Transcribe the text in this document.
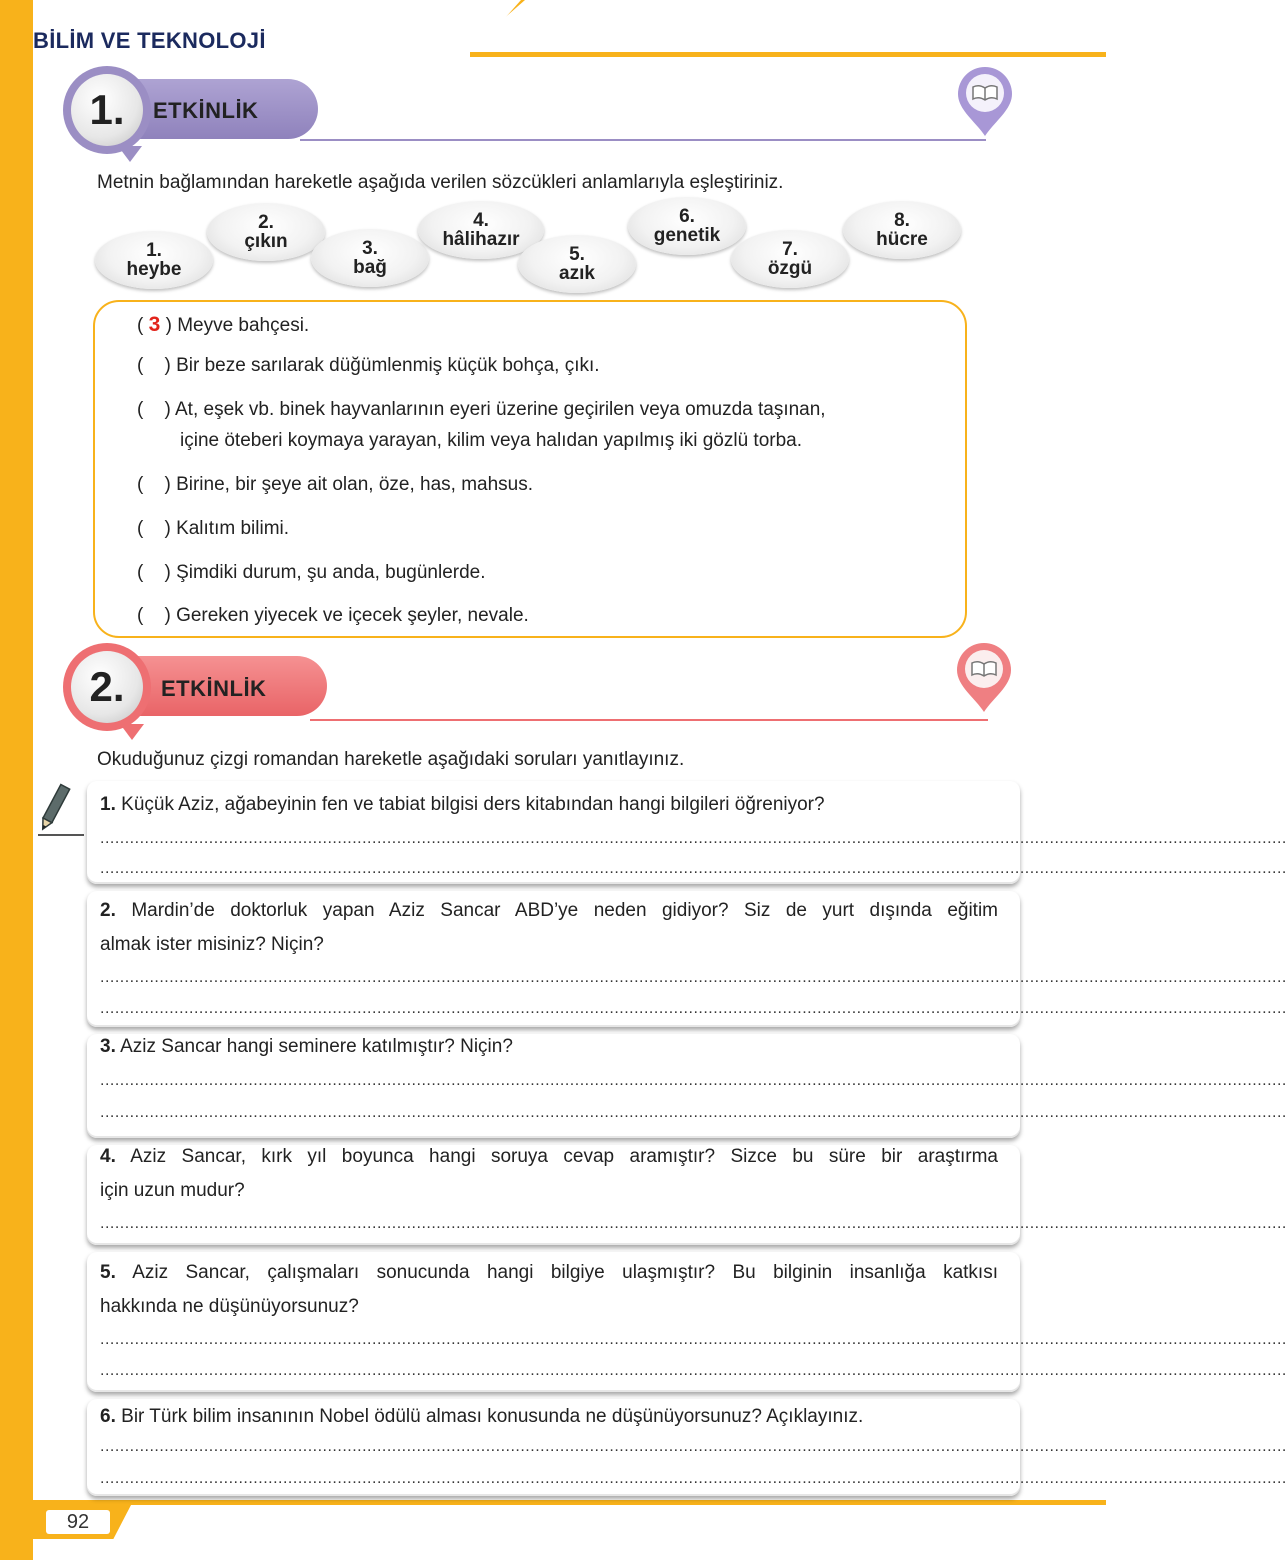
BİLİM VE TEKNOLOJİ
92
1.	ETKİNLİK
Metnin bağlamından hareketle aşağıda verilen sözcükleri anlamlarıyla eşleştiriniz.
1.
heybe
2.
çıkın	3.
bağ
4.
hâlihazır
5.
azık
6.
genetik
7.
özgü
8.
hücre
( 3 ) Meyve bahçesi.
(    ) Bir beze sarılarak düğümlenmiş küçük bohça, çıkı.
(    ) At, eşek vb. binek hayvanlarının eyeri üzerine geçirilen veya omuzda taşınan,
içine öteberi koymaya yarayan, kilim veya halıdan yapılmış iki gözlü torba.
(    ) Birine, bir şeye ait olan, öze, has, mahsus.
(    ) Kalıtım bilimi.
(    ) Şimdiki durum, şu anda, bugünlerde.
(    ) Gereken yiyecek ve içecek şeyler, nevale.
2.	ETKİNLİK
Okuduğunuz çizgi romandan hareketle aşağıdaki soruları yanıtlayınız.
1. Küçük Aziz, ağabeyinin fen ve tabiat bilgisi ders kitabından hangi bilgileri öğreniyor?
................................................................................................................................................................................................................................................
................................................................................................................................................................................................................................................
2. Mardin’de doktorluk yapan Aziz Sancar ABD’ye neden gidiyor? Siz de yurt dışında eğitim
almak ister misiniz? Niçin?
................................................................................................................................................................................................................................................
................................................................................................................................................................................................................................................
3. Aziz Sancar hangi seminere katılmıştır? Niçin?
................................................................................................................................................................................................................................................
................................................................................................................................................................................................................................................
4. Aziz Sancar, kırk yıl boyunca hangi soruya cevap aramıştır? Sizce bu süre bir araştırma
için uzun mudur?
................................................................................................................................................................................................................................................
5. Aziz Sancar, çalışmaları sonucunda hangi bilgiye ulaşmıştır? Bu bilginin insanlığa katkısı
hakkında ne düşünüyorsunuz?
................................................................................................................................................................................................................................................
................................................................................................................................................................................................................................................
6. Bir Türk bilim insanının Nobel ödülü alması konusunda ne düşünüyorsunuz? Açıklayınız.
................................................................................................................................................................................................................................................
................................................................................................................................................................................................................................................
